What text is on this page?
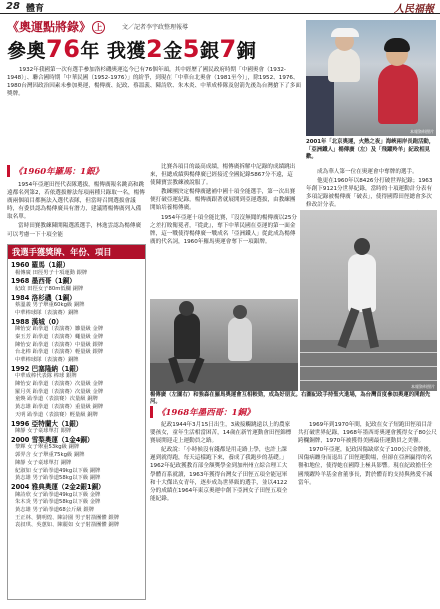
28 體育	人民福報
《奧運點將錄》 上	文／記者李宇政整理報導
參奧76年 我獲2金5銀7銅

1932年我國第一次有選手參加洛杉磯奧運迄今已有76個年頭，其中經歷了國民政府時期「中國奧會（1932-1948）」、聯合國時期「中華民國（1952-1976）」的紛爭，到現在「中華台北奧會（1981至今）」，除1952、1976、1980台灣因政治因素未參加奧運，楊傳廣、紀政、蔡溫義、陳詩欣、朱木炎、中華成棒隊及射箭先後為台灣搶下了多面獎牌。

本報資料照片
2001年「北京奧運，火熱之夜」海峽兩岸長跑活動，「亞洲鐵人」楊傳廣（左）及「飛躍羚羊」紀政相見歡。
《1960年羅馬：1銀》

1954年亞運田徑代表隊選拔，楊傳廣報名跳高和跳遠都名列第2，若依選拔辦法每項兩種只錄取一名，楊傳廣兩個項目都無法入選代表隊，但當時召開選拔會議時，有委員認為楊傳廣具有潛力，建議將楊傳廣列入備取名單。

當時田賽教練陳開陽選派選手，林逸雲認為楊傳廣可以考慮一下十項全能

比賽各項目的最高成績，楊傳廣拆解中記錄的成績跳出來，但總成績與楊傳廣已經接近全國紀錄5867分不遠，這使陳寶雲教練被說服了。

教練團決定楊傳廣遞補中國十項全能選手，第一次出賽便打破亞運紀錄，楊傳廣跟著就展開到亞運選拔，由教練團開始培養楊傳廣。

1954年亞運十項全能比賽，『沒沒無聞的楊傳廣以25分之差打敗衛冕者，『從此』，奪下中華民國在亞運的第一面金牌，這一戰使得楊傳廣一戰成名「亞洲鐵人」從此成為楊傳廣的代名詞，1960年羅馬奧運會奪下一項銀牌。

成為華人第一位在奧運會中奪牌的選手。

他更在1960年以8426分打破世界紀錄；1963年創下9121分世界紀錄，當時的十項運動計分表有多項記錄被楊傳廣「破表」，使得國際田徑總會多次修改計分表。

我選手獲獎牌、年份、項目
1960 羅馬（1銀）
楊傳廣 田徑男子十項運動 銀牌
1968 墨西哥（1銅）
紀政 田徑女子80m低欄 銅牌
1984 洛杉磯（1銅）
蔡溫義 男子舉重60kg級 銅牌
中華棒球隊（表演賽）銅牌
1988 漢城（0）
陳怡安 跆拳道（表演賽）雛量級 金牌
秦玉芳 跆拳道（表演賽）蠅量級 金牌
陳怡安 跆拳道（表演賽）中量級 銀牌
台北棒 跆拳道（表演賽）輕量級 銀牌
中華棒球隊（表演賽）銅牌
1992 巴塞隆納（1銀）
中華成棒代表隊 棒球 銀牌
陳怡安 跆拳道（表演賽）次量級 金牌
羅月英 跆拳道（表演賽）次量級 金牌
童煥 跆拳道（表演賽）次量級 銅牌
黃志雄 跆拳道（表演賽）重量級 銅牌
天明 跆拳道（表演賽）輕量級 銅牌
1996 亞特蘭大（1銀）
陳靜 女子桌球單打 銀牌
2000 雪梨奧運（1金4銅）
黎輝 女子舉重53kg級 銅牌
郭羿含 女子舉重75kg級 銅牌
陳靜 女子桌球單打 銅牌
紀淑如 女子跆拳道49kg以下級 銅牌
黃志雄 男子跆拳道58kg以下級 銅牌
2004 雅典奧運（2金2銀1銅）
陳詩欣 女子跆拳道49kg以下級 金牌
朱木炎 男子跆拳道58kg以下級 金牌
黃志雄 男子跆拳道68公斤級 銀牌
王正林、劉明煌、陳詩園 男子射箭團體 銀牌
袁叔琪、吳蕙如、陳麗如 女子射箭團體 銅牌
本報資料照片
楊傳廣（左圖右）和強森在羅馬奧運會互相較勁，成為好朋友。右圖紀政手持聖火進場，為台灣首度參加奧運的開創先河。
《1968年墨西哥：1銅》

紀政1944年3月15日出生，3歲接觸跳遠以上的農家嬰孩女，童年生活相當困苦，14歲在新竹運動會田徑錦標賽展開迎走上運動員之路。

紀政說：「小時候沒有錢都是用走路上學，也許上課遲到就得跑，每天這樣跑下來，養成了我跑步的基礎。」1962年紀政獲教育部全額獎學金到加州州立綜合理工大學體育系就讀，1963年獲得台灣女子田徑五項全能冠軍和十大傑出女青年，逐步成為世界級的選手，並以4122分的成績在1964年東京奧運中創下亞洲女子田徑五項全能紀錄。

1969年到1970年間，紀政在女子短跑田徑項目計共打破世界紀錄，1968年墨西哥奧運會獲得女子80公尺跨欄銅牌，1970年被獲得美國最佳運動員之美譽。

1970年亞運，紀政因傷缺席女子100公尺金牌後，因傷病纏身而退出了田徑運動場，但卻在亞洲贏得的名譽和地位，使得她在國際上極具影響。現在紀政擔任全國飛躍羚羊基金會董事長，對於體育的支持與熱愛不減當年。
